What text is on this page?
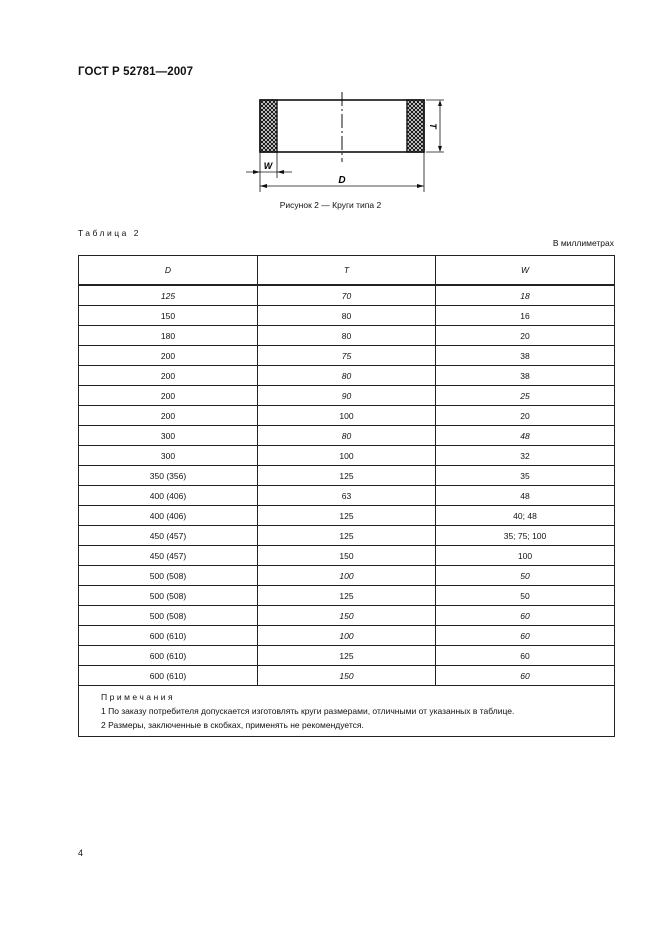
ГОСТ Р 52781—2007
T
D
W
Рисунок 2 — Круги типа 2
Таблица 2
В миллиметрах
D	T	W
125	70	18
150	80	16
180	80	20
200	75	38
200	80	38
200	90	25
200	100	20
300	80	48
300	100	32
350 (356)	125	35
400 (406)	63	48
400 (406)	125	40; 48
450 (457)	125	35; 75; 100
450 (457)	150	100
500 (508)	100	50
500 (508)	125	50
500 (508)	150	60
600 (610)	100	60
600 (610)	125	60
600 (610)	150	60

Примечания
1 По заказу потребителя допускается изготовлять круги размерами, отличными от указанных в таблице.
2 Размеры, заключенные в скобках, применять не рекомендуется.		
4
